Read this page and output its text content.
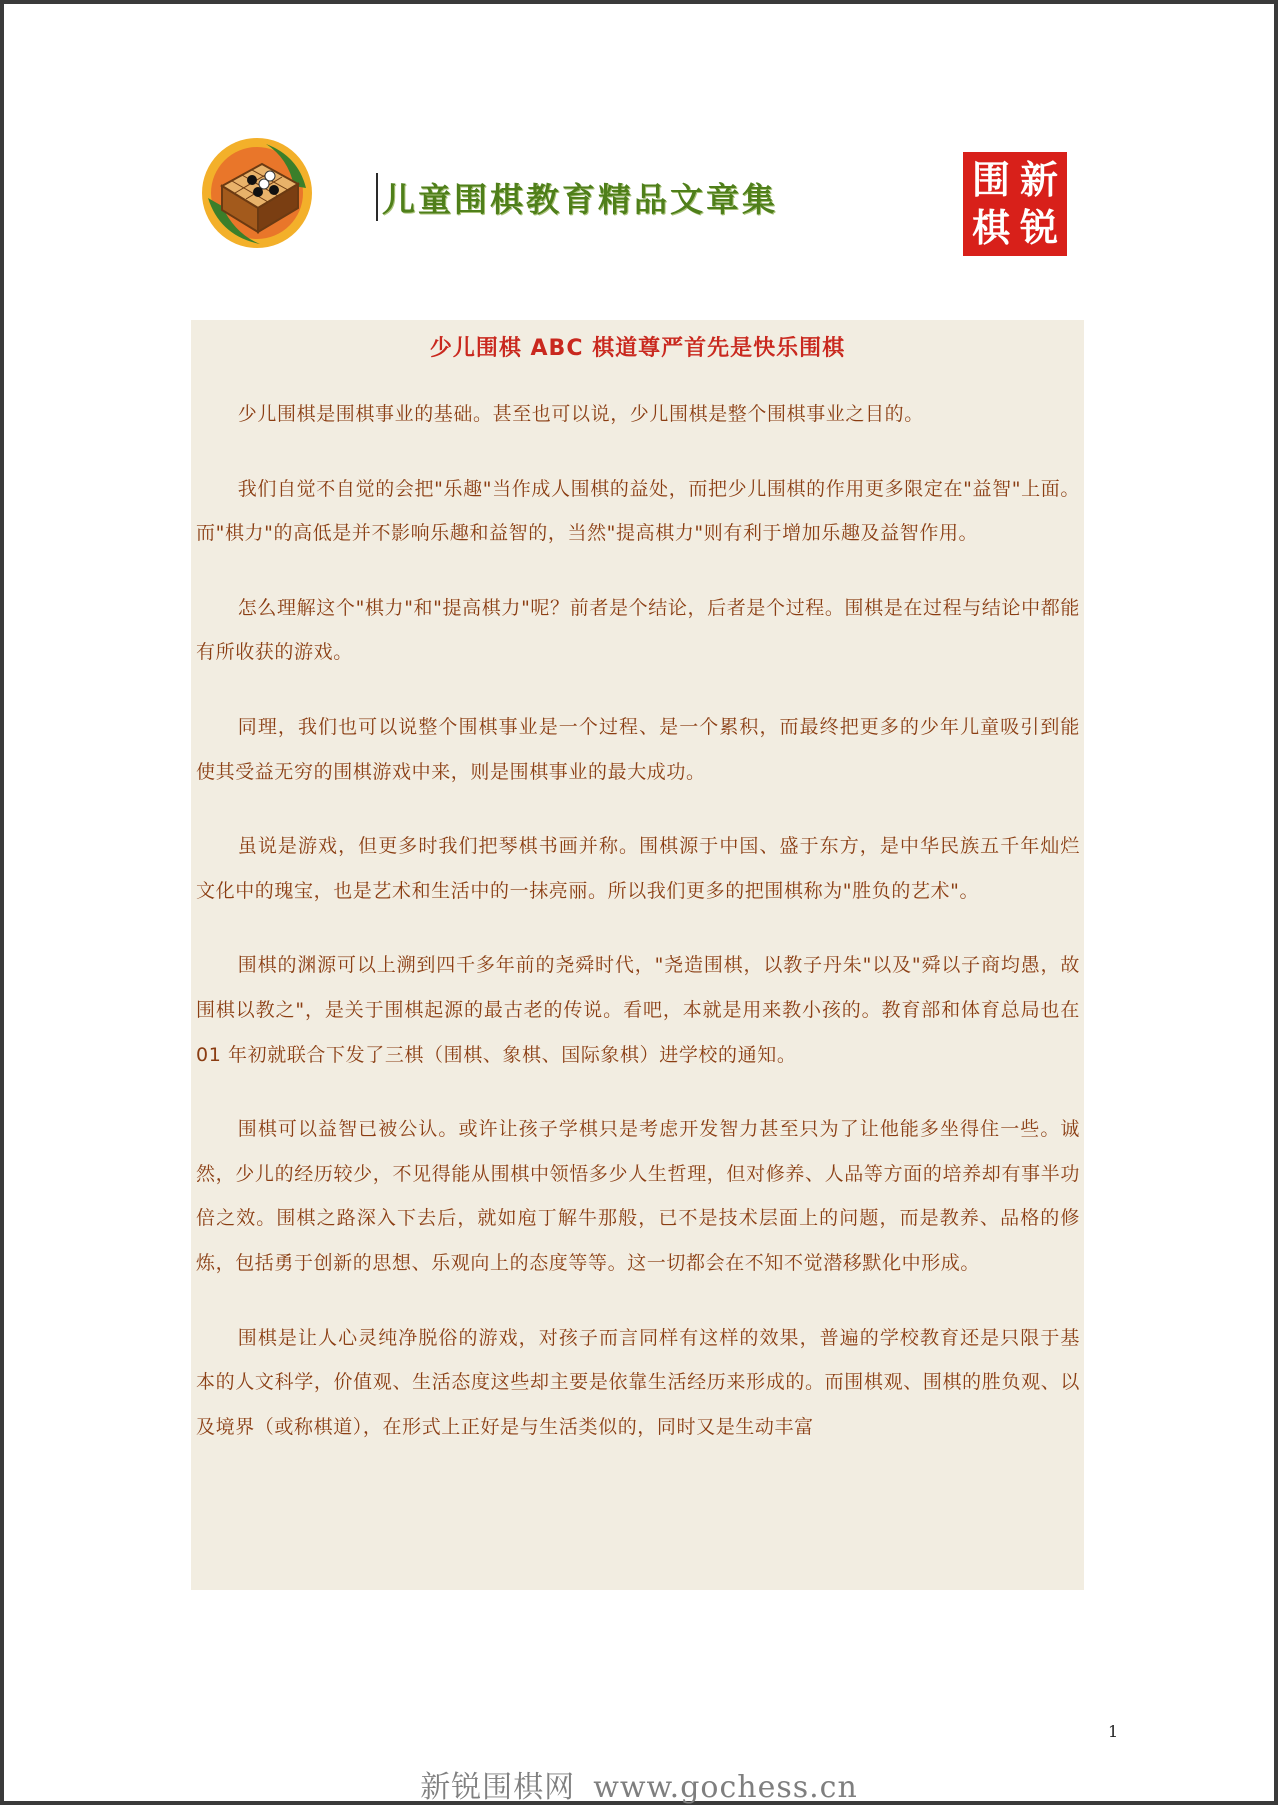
儿童围棋教育精品文章集	围 新
棋 锐
少儿围棋 ABC 棋道尊严首先是快乐围棋

少儿围棋是围棋事业的基础。甚至也可以说，少儿围棋是整个围棋事业之目的。

我们自觉不自觉的会把"乐趣"当作成人围棋的益处，而把少儿围棋的作用更多限定在"益智"上面。而"棋力"的高低是并不影响乐趣和益智的，当然"提高棋力"则有利于增加乐趣及益智作用。

怎么理解这个"棋力"和"提高棋力"呢？前者是个结论，后者是个过程。围棋是在过程与结论中都能有所收获的游戏。

同理，我们也可以说整个围棋事业是一个过程、是一个累积，而最终把更多的少年儿童吸引到能使其受益无穷的围棋游戏中来，则是围棋事业的最大成功。

虽说是游戏，但更多时我们把琴棋书画并称。围棋源于中国、盛于东方，是中华民族五千年灿烂文化中的瑰宝，也是艺术和生活中的一抹亮丽。所以我们更多的把围棋称为"胜负的艺术"。

围棋的渊源可以上溯到四千多年前的尧舜时代，"尧造围棋，以教子丹朱"以及"舜以子商均愚，故围棋以教之"，是关于围棋起源的最古老的传说。看吧，本就是用来教小孩的。教育部和体育总局也在 01 年初就联合下发了三棋（围棋、象棋、国际象棋）进学校的通知。

围棋可以益智已被公认。或许让孩子学棋只是考虑开发智力甚至只为了让他能多坐得住一些。诚然，少儿的经历较少，不见得能从围棋中领悟多少人生哲理，但对修养、人品等方面的培养却有事半功倍之效。围棋之路深入下去后，就如庖丁解牛那般，已不是技术层面上的问题，而是教养、品格的修炼，包括勇于创新的思想、乐观向上的态度等等。这一切都会在不知不觉潜移默化中形成。

围棋是让人心灵纯净脱俗的游戏，对孩子而言同样有这样的效果，普遍的学校教育还是只限于基本的人文科学，价值观、生活态度这些却主要是依靠生活经历来形成的。而围棋观、围棋的胜负观、以及境界（或称棋道），在形式上正好是与生活类似的，同时又是生动丰富

1
新锐围棋网 www.gochess.cn
